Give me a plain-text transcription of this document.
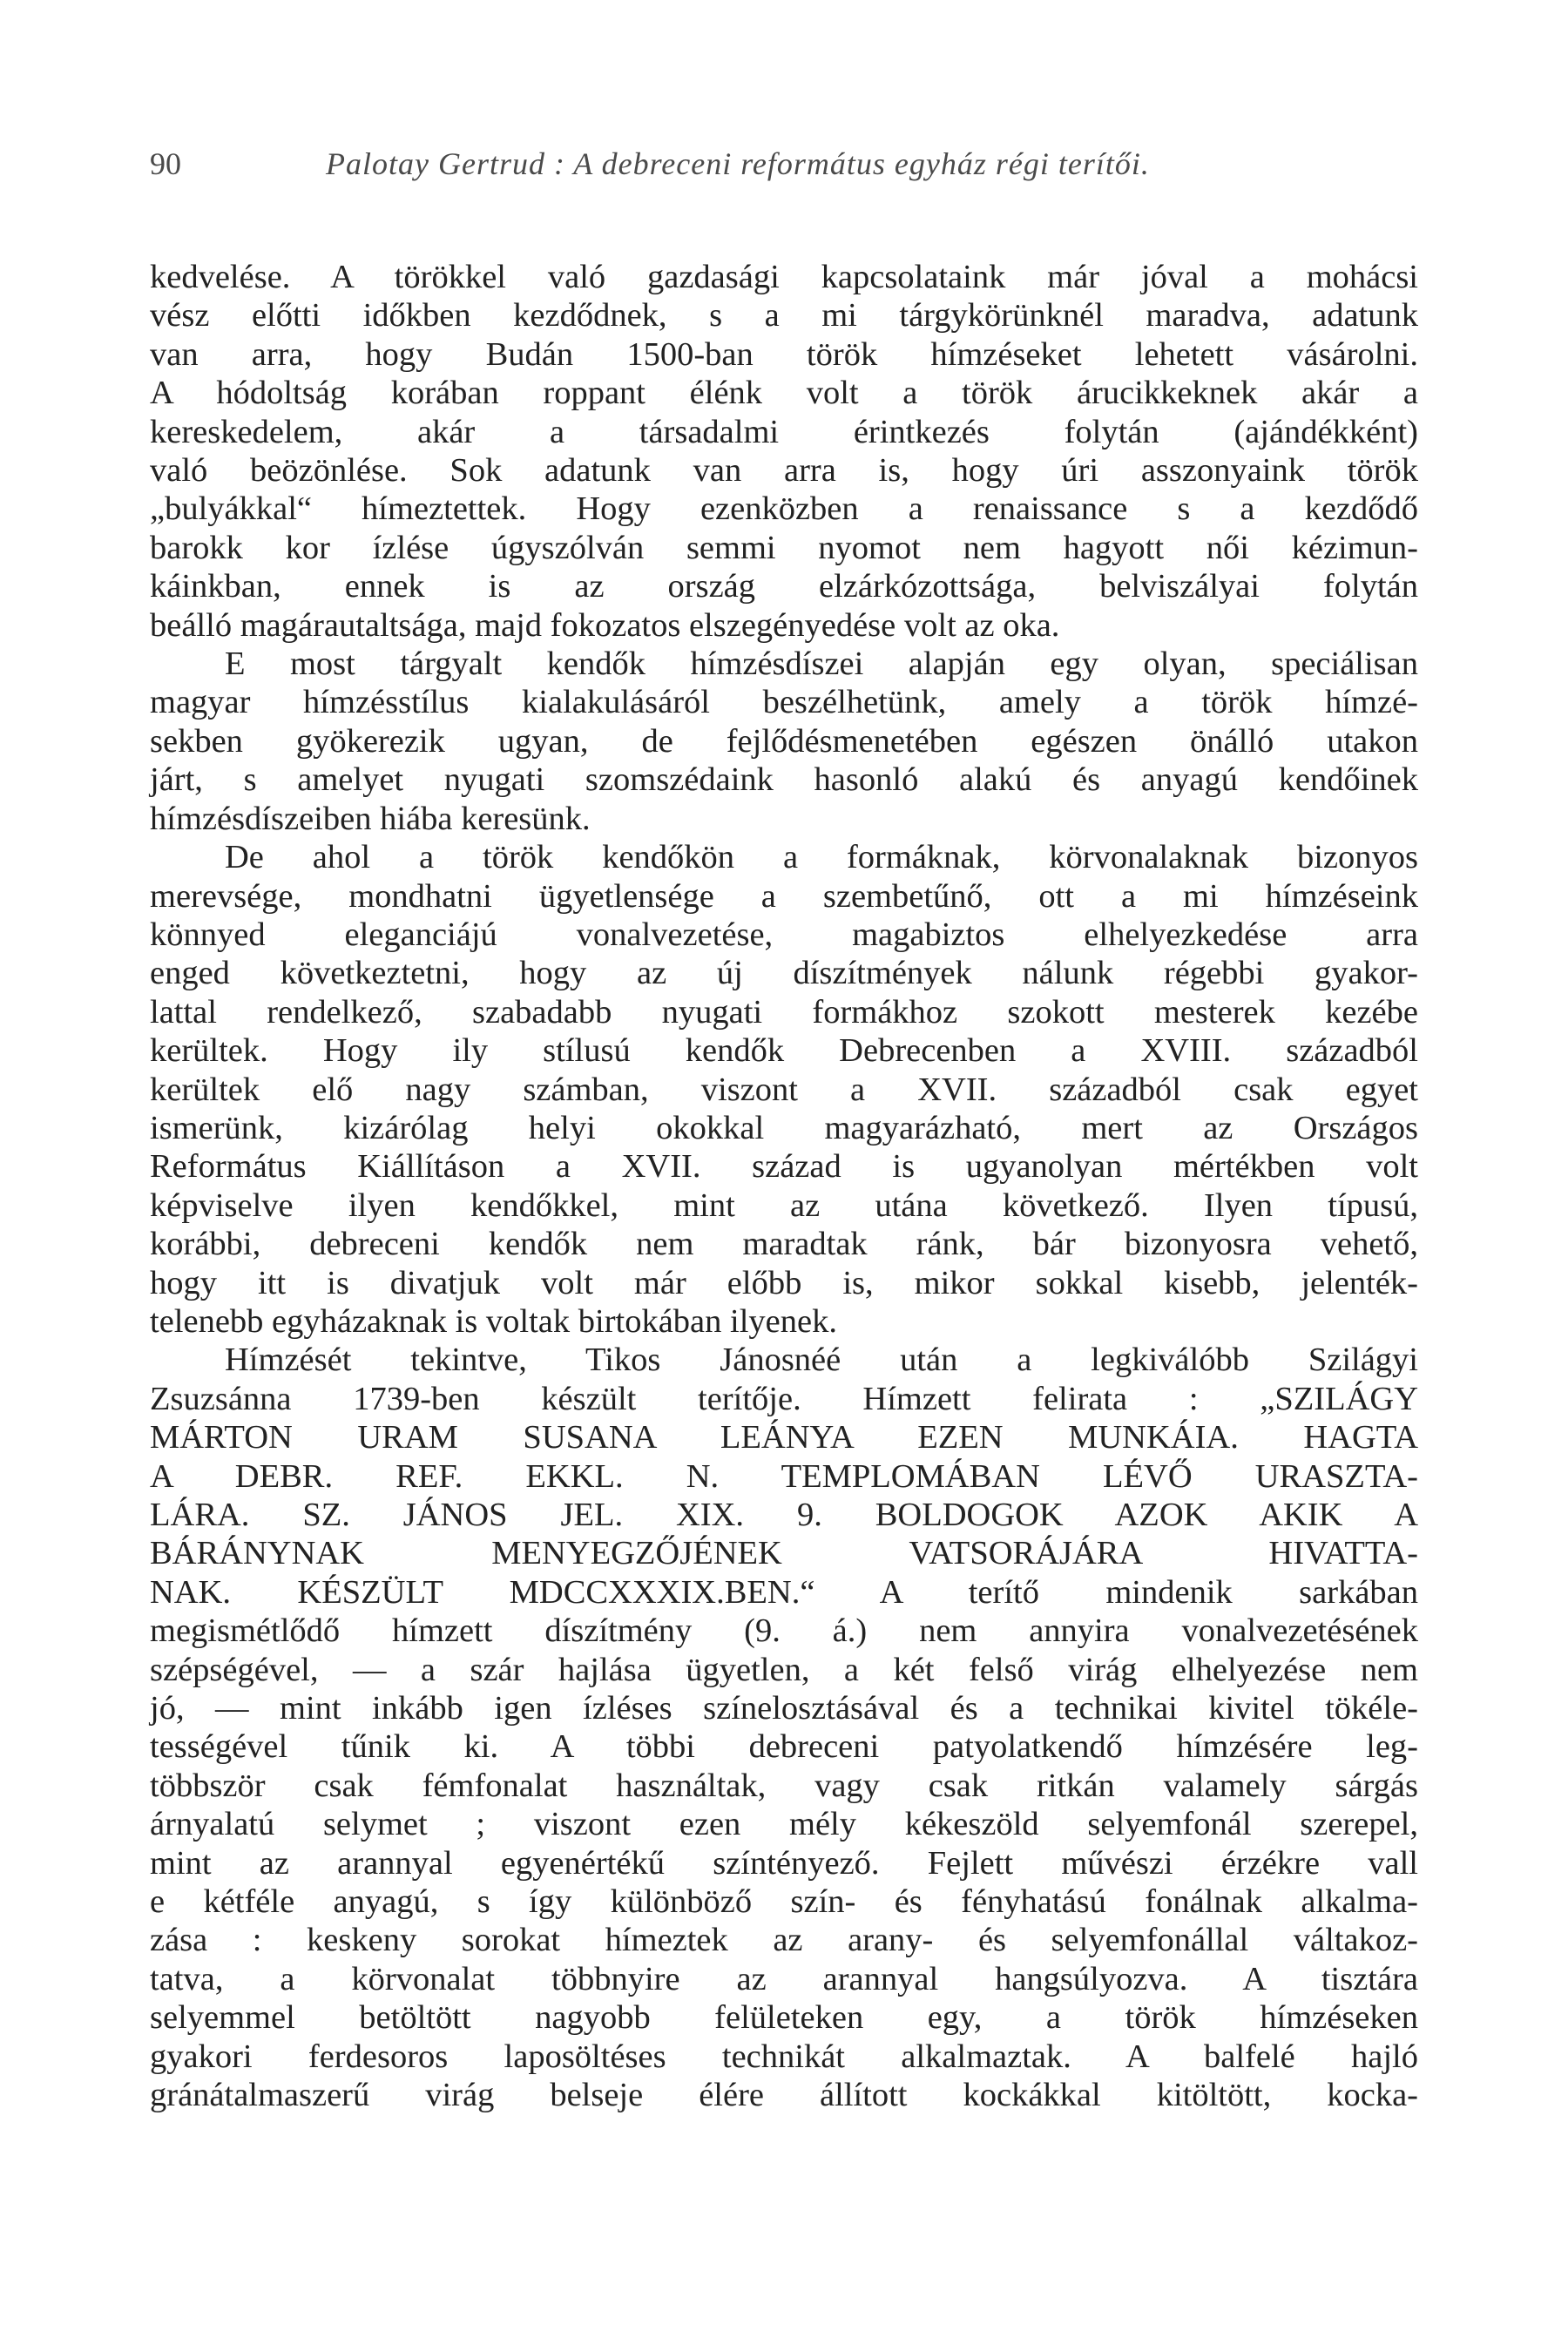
90	Palotay Gertrud : A debreceni református egyház régi terítői.

kedvelése. A törökkel való gazdasági kapcsolataink már jóval a mohácsi
vész előtti időkben kezdődnek, s a mi tárgykörünknél maradva, adatunk
van arra, hogy Budán 1500-ban török hímzéseket lehetett vásárolni.
A hódoltság korában roppant élénk volt a török árucikkeknek akár a
kereskedelem, akár a társadalmi érintkezés folytán (ajándékként)
való beözönlése. Sok adatunk van arra is, hogy úri asszonyaink török
„bulyákkal“ hímeztettek. Hogy ezenközben a renaissance s a kezdődő
barokk kor ízlése úgyszólván semmi nyomot nem hagyott női kézimun-
káinkban, ennek is az ország elzárkózottsága, belviszályai folytán
beálló magárautaltsága, majd fokozatos elszegényedése volt az oka.

E most tárgyalt kendők hímzésdíszei alapján egy olyan, speciálisan
magyar hímzésstílus kialakulásáról beszélhetünk, amely a török hímzé-
sekben gyökerezik ugyan, de fejlődésmenetében egészen önálló utakon
járt, s amelyet nyugati szomszédaink hasonló alakú és anyagú kendőinek
hímzésdíszeiben hiába keresünk.

De ahol a török kendőkön a formáknak, körvonalaknak bizonyos
merevsége, mondhatni ügyetlensége a szembetűnő, ott a mi hímzéseink
könnyed eleganciájú vonalvezetése, magabiztos elhelyezkedése arra
enged következtetni, hogy az új díszítmények nálunk régebbi gyakor-
lattal rendelkező, szabadabb nyugati formákhoz szokott mesterek kezébe
kerültek. Hogy ily stílusú kendők Debrecenben a XVIII. századból
kerültek elő nagy számban, viszont a XVII. századból csak egyet
ismerünk, kizárólag helyi okokkal magyarázható, mert az Országos
Református Kiállításon a XVII. század is ugyanolyan mértékben volt
képviselve ilyen kendőkkel, mint az utána következő. Ilyen típusú,
korábbi, debreceni kendők nem maradtak ránk, bár bizonyosra vehető,
hogy itt is divatjuk volt már előbb is, mikor sokkal kisebb, jelenték-
telenebb egyházaknak is voltak birtokában ilyenek.

Hímzését tekintve, Tikos Jánosnéé után a legkiválóbb Szilágyi
Zsuzsánna 1739-ben készült terítője. Hímzett felirata : „SZILÁGY
MÁRTON URAM SUSANA LEÁNYA EZEN MUNKÁIA. HAGTA
A DEBR. REF. EKKL. N. TEMPLOMÁBAN LÉVŐ URASZTA-
LÁRA. SZ. JÁNOS JEL. XIX. 9. BOLDOGOK AZOK AKIK A
BÁRÁNYNAK MENYEGZŐJÉNEK VATSORÁJÁRA HIVATTA-
NAK. KÉSZÜLT MDCCXXXIX.BEN.“ A terítő mindenik sarkában
megismétlődő hímzett díszítmény (9. á.) nem annyira vonalvezetésének
szépségével, — a szár hajlása ügyetlen, a két felső virág elhelyezése nem
jó, — mint inkább igen ízléses színelosztásával és a technikai kivitel tökéle-
tességével tűnik ki. A többi debreceni patyolatkendő hímzésére leg-
többször csak fémfonalat használtak, vagy csak ritkán valamely sárgás
árnyalatú selymet ; viszont ezen mély kékeszöld selyemfonál szerepel,
mint az arannyal egyenértékű színtényező. Fejlett művészi érzékre vall
e kétféle anyagú, s így különböző szín- és fényhatású fonálnak alkalma-
zása : keskeny sorokat hímeztek az arany- és selyemfonállal váltakoz-
tatva, a körvonalat többnyire az arannyal hangsúlyozva. A tisztára
selyemmel betöltött nagyobb felületeken egy, a török hímzéseken
gyakori ferdesoros laposöltéses technikát alkalmaztak. A balfelé hajló
gránátalmaszerű virág belseje élére állított kockákkal kitöltött, kocka-
